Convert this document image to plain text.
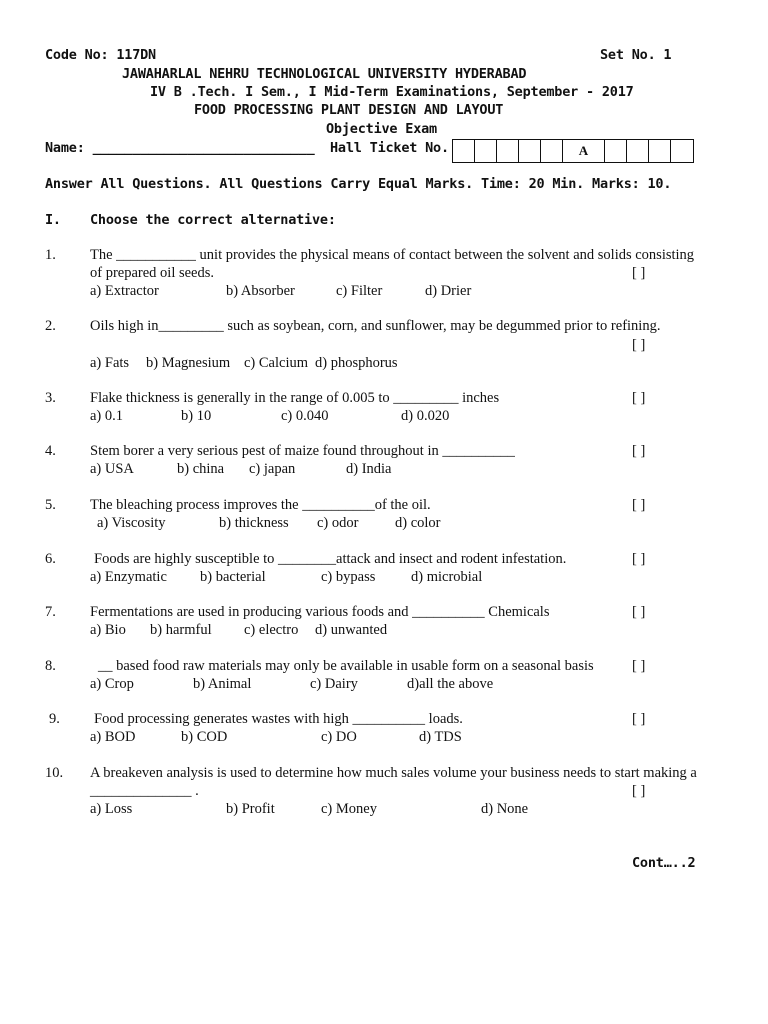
Code No: 117DN	Set No. 1
JAWAHARLAL NEHRU TECHNOLOGICAL UNIVERSITY HYDERABAD
IV B .Tech. I Sem., I Mid-Term Examinations, September - 2017
FOOD PROCESSING PLANT DESIGN AND LAYOUT
Objective Exam
Name: ____________________________ Hall Ticket No.	A
Answer All Questions. All Questions Carry Equal Marks. Time: 20 Min. Marks: 10.
I. Choose the correct alternative:
1. The ___________ unit provides the physical means of contact between the solvent and solids consisting
of prepared oil seeds.	[ ]
a) Extractor	b) Absorber	c) Filter	d) Drier
2. Oils high in_________ such as soybean, corn, and sunflower, may be degummed prior to refining.
[ ]
a) Fats b) Magnesium c) Calcium d) phosphorus
3. Flake thickness is generally in the range of 0.005 to _________ inches	[ ]
a) 0.1	b) 10	c) 0.040	d) 0.020
4. Stem borer a very serious pest of maize found throughout in __________	[ ]
a) USA	b) china c) japan	d) India
5. The bleaching process improves the __________of the oil.	[ ]
a) Viscosity	b) thickness c) odor	d) color
6.	Foods are highly susceptible to ________attack and insect and rodent infestation.	[ ]
a) Enzymatic b) bacterial	c) bypass d) microbial
7. Fermentations are used in producing various foods and __________ Chemicals	[ ]
a) Bio b) harmful c) electro d) unwanted
8.	__ based food raw materials may only be available in usable form on a seasonal basis	[ ]
a) Crop	b) Animal	c) Dairy	d)all the above
9. Food processing generates wastes with high __________ loads.	[ ]
a) BOD	b) COD	c) DO	d) TDS
10. A breakeven analysis is used to determine how much sales volume your business needs to start making a
______________ .	[ ]
a) Loss	b) Profit	c) Money	d) None
Cont…..2
